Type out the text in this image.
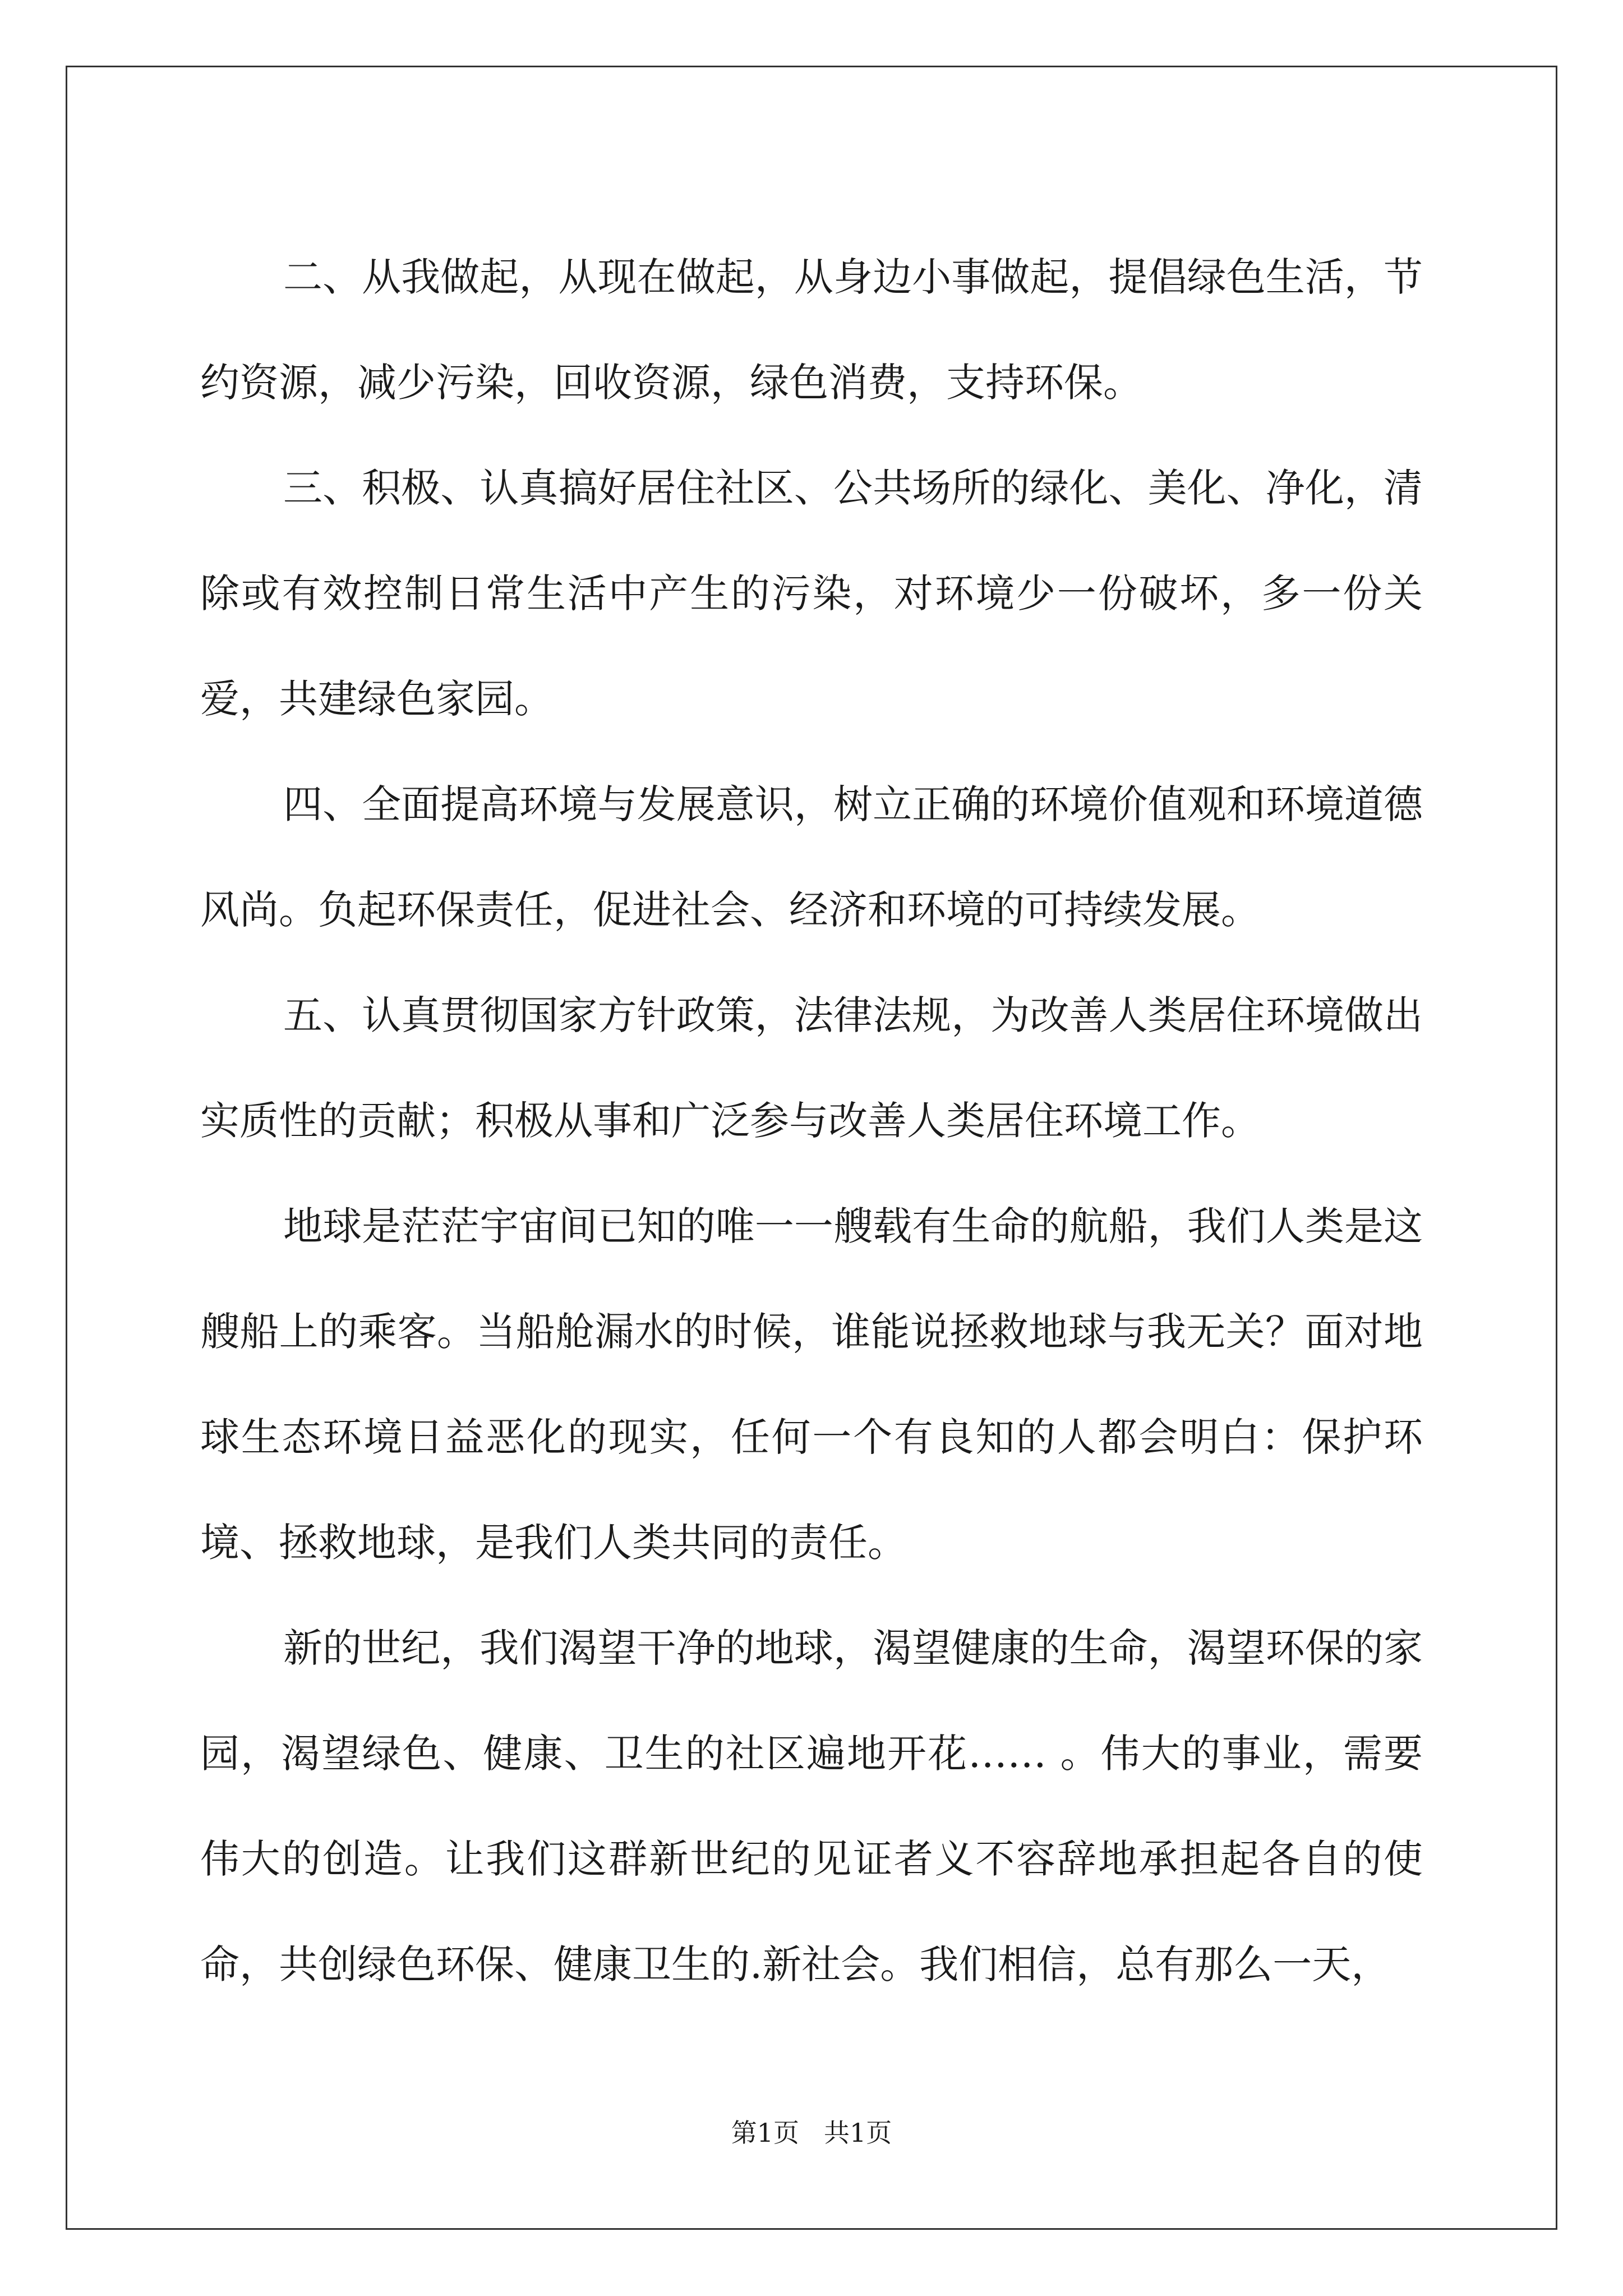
二、从我做起，从现在做起，从身边小事做起，提倡绿色生活，节约资源，减少污染，回收资源，绿色消费，支持环保。

三、积极、认真搞好居住社区、公共场所的绿化、美化、净化，清除或有效控制日常生活中产生的污染，对环境少一份破坏，多一份关爱，共建绿色家园。

四、全面提高环境与发展意识，树立正确的环境价值观和环境道德风尚。负起环保责任，促进社会、经济和环境的可持续发展。

五、认真贯彻国家方针政策，法律法规，为改善人类居住环境做出实质性的贡献；积极从事和广泛参与改善人类居住环境工作。

地球是茫茫宇宙间已知的唯一一艘载有生命的航船，我们人类是这艘船上的乘客。当船舱漏水的时候，谁能说拯救地球与我无关？面对地球生态环境日益恶化的现实，任何一个有良知的人都会明白：保护环境、拯救地球，是我们人类共同的责任。

新的世纪，我们渴望干净的地球，渴望健康的生命，渴望环保的家园，渴望绿色、健康、卫生的社区遍地开花…… 。伟大的事业，需要伟大的创造。让我们这群新世纪的见证者义不容辞地承担起各自的使命，共创绿色环保、健康卫生的.新社会。我们相信，总有那么一天，

第1页 共1页
